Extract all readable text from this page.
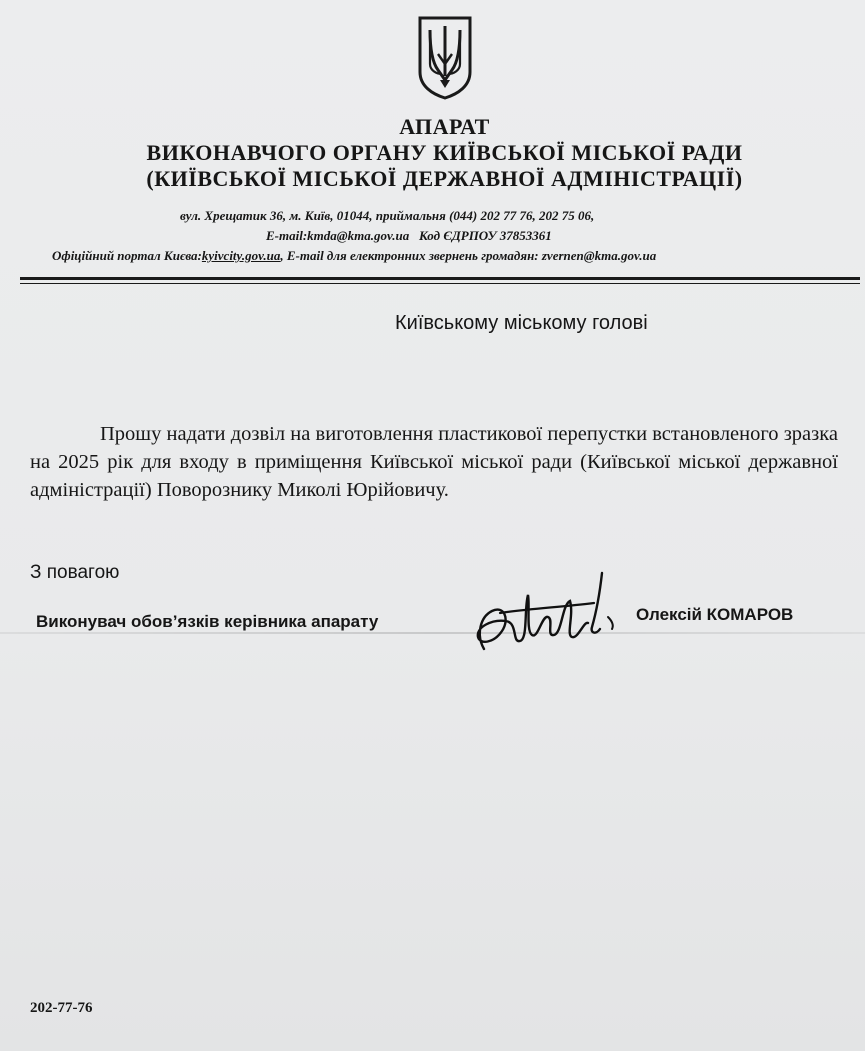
АПАРАТ
ВИКОНАВЧОГО ОРГАНУ КИЇВСЬКОЇ МІСЬКОЇ РАДИ
(КИЇВСЬКОЇ МІСЬКОЇ ДЕРЖАВНОЇ АДМІНІСТРАЦІЇ)
вул. Хрещатик 36, м. Київ, 01044, приймальня (044) 202 77 76, 202 75 06,
E-mail:kmda@kma.gov.ua Код ЄДРПОУ 37853361
Офіційний портал Києва:kyivcity.gov.ua, E-mail для електронних звернень громадян: zvernen@kma.gov.ua
Київському міському голові

Прошу надати дозвіл на виготовлення пластикової перепустки встановленого зразка на 2025 рік для входу в приміщення Київської міської ради (Київської міської державної адміністрації) Поворознику Миколі Юрійовичу.

З повагою
Виконувач обов’язків керівника апарату	Олексій КОМАРОВ
202-77-76
